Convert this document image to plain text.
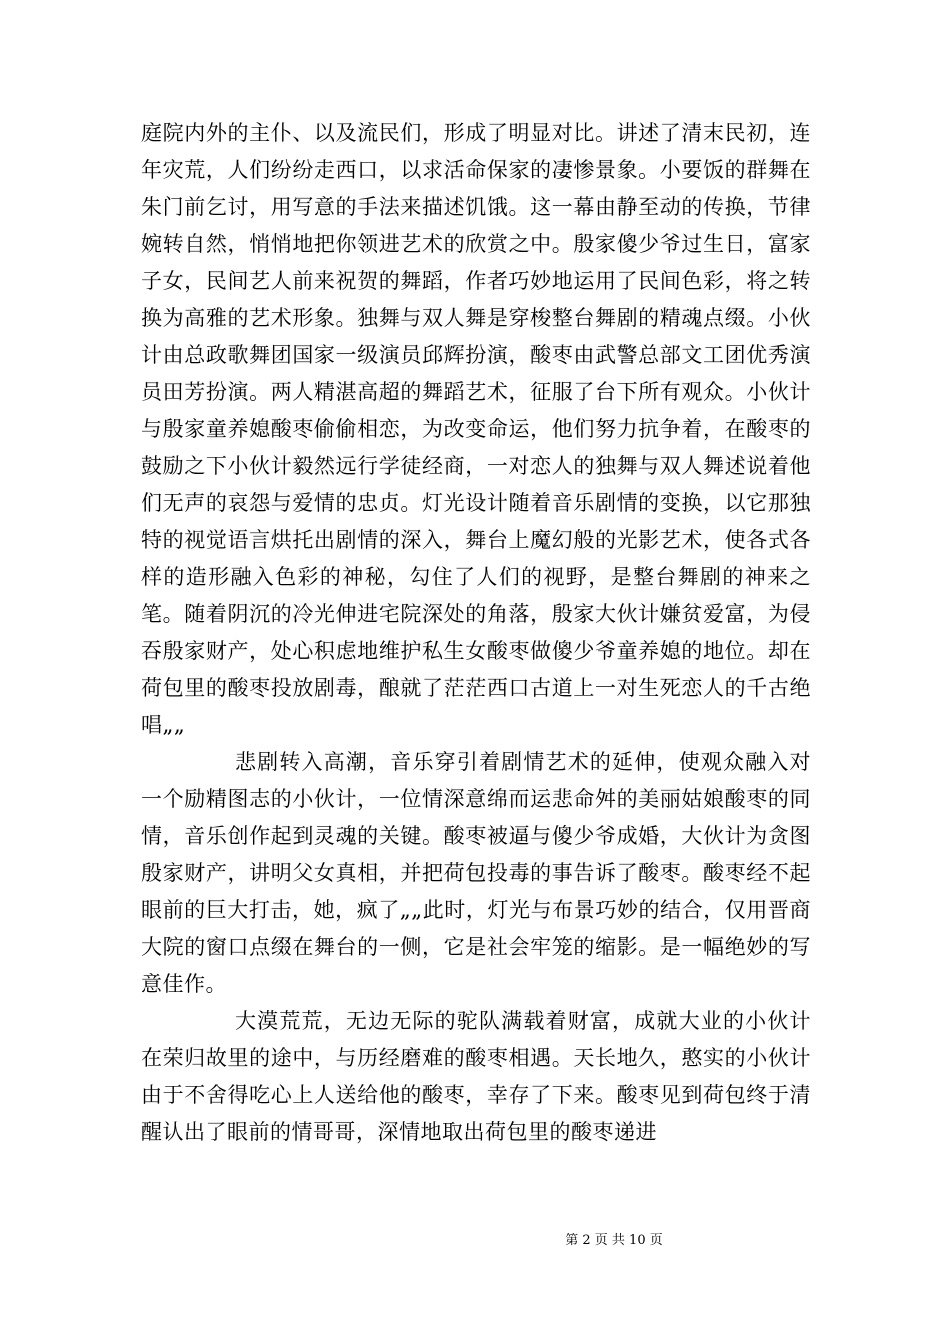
庭院内外的主仆、以及流民们，形成了明显对比。讲述了清末民初，连年灾荒，人们纷纷走西口，以求活命保家的凄惨景象。小要饭的群舞在朱门前乞讨，用写意的手法来描述饥饿。这一幕由静至动的传换，节律婉转自然，悄悄地把你领进艺术的欣赏之中。殷家傻少爷过生日，富家子女，民间艺人前来祝贺的舞蹈，作者巧妙地运用了民间色彩，将之转换为高雅的艺术形象。独舞与双人舞是穿梭整台舞剧的精魂点缀。小伙计由总政歌舞团国家一级演员邱辉扮演，酸枣由武警总部文工团优秀演员田芳扮演。两人精湛高超的舞蹈艺术，征服了台下所有观众。小伙计与殷家童养媳酸枣偷偷相恋，为改变命运，他们努力抗争着，在酸枣的鼓励之下小伙计毅然远行学徒经商，一对恋人的独舞与双人舞述说着他们无声的哀怨与爱情的忠贞。灯光设计随着音乐剧情的变换，以它那独特的视觉语言烘托出剧情的深入，舞台上魔幻般的光影艺术，使各式各样的造形融入色彩的神秘，勾住了人们的视野，是整台舞剧的神来之笔。随着阴沉的冷光伸进宅院深处的角落，殷家大伙计嫌贫爱富，为侵吞殷家财产，处心积虑地维护私生女酸枣做傻少爷童养媳的地位。却在荷包里的酸枣投放剧毒，酿就了茫茫西口古道上一对生死恋人的千古绝唱„„

悲剧转入高潮，音乐穿引着剧情艺术的延伸，使观众融入对一个励精图志的小伙计，一位情深意绵而运悲命舛的美丽姑娘酸枣的同情，音乐创作起到灵魂的关键。酸枣被逼与傻少爷成婚，大伙计为贪图殷家财产，讲明父女真相，并把荷包投毒的事告诉了酸枣。酸枣经不起眼前的巨大打击，她，疯了„„此时，灯光与布景巧妙的结合，仅用晋商大院的窗口点缀在舞台的一侧，它是社会牢笼的缩影。是一幅绝妙的写意佳作。

大漠荒荒，无边无际的驼队满载着财富，成就大业的小伙计在荣归故里的途中，与历经磨难的酸枣相遇。天长地久，憨实的小伙计由于不舍得吃心上人送给他的酸枣，幸存了下来。酸枣见到荷包终于清醒认出了眼前的情哥哥，深情地取出荷包里的酸枣递进

第 2 页 共 10 页
